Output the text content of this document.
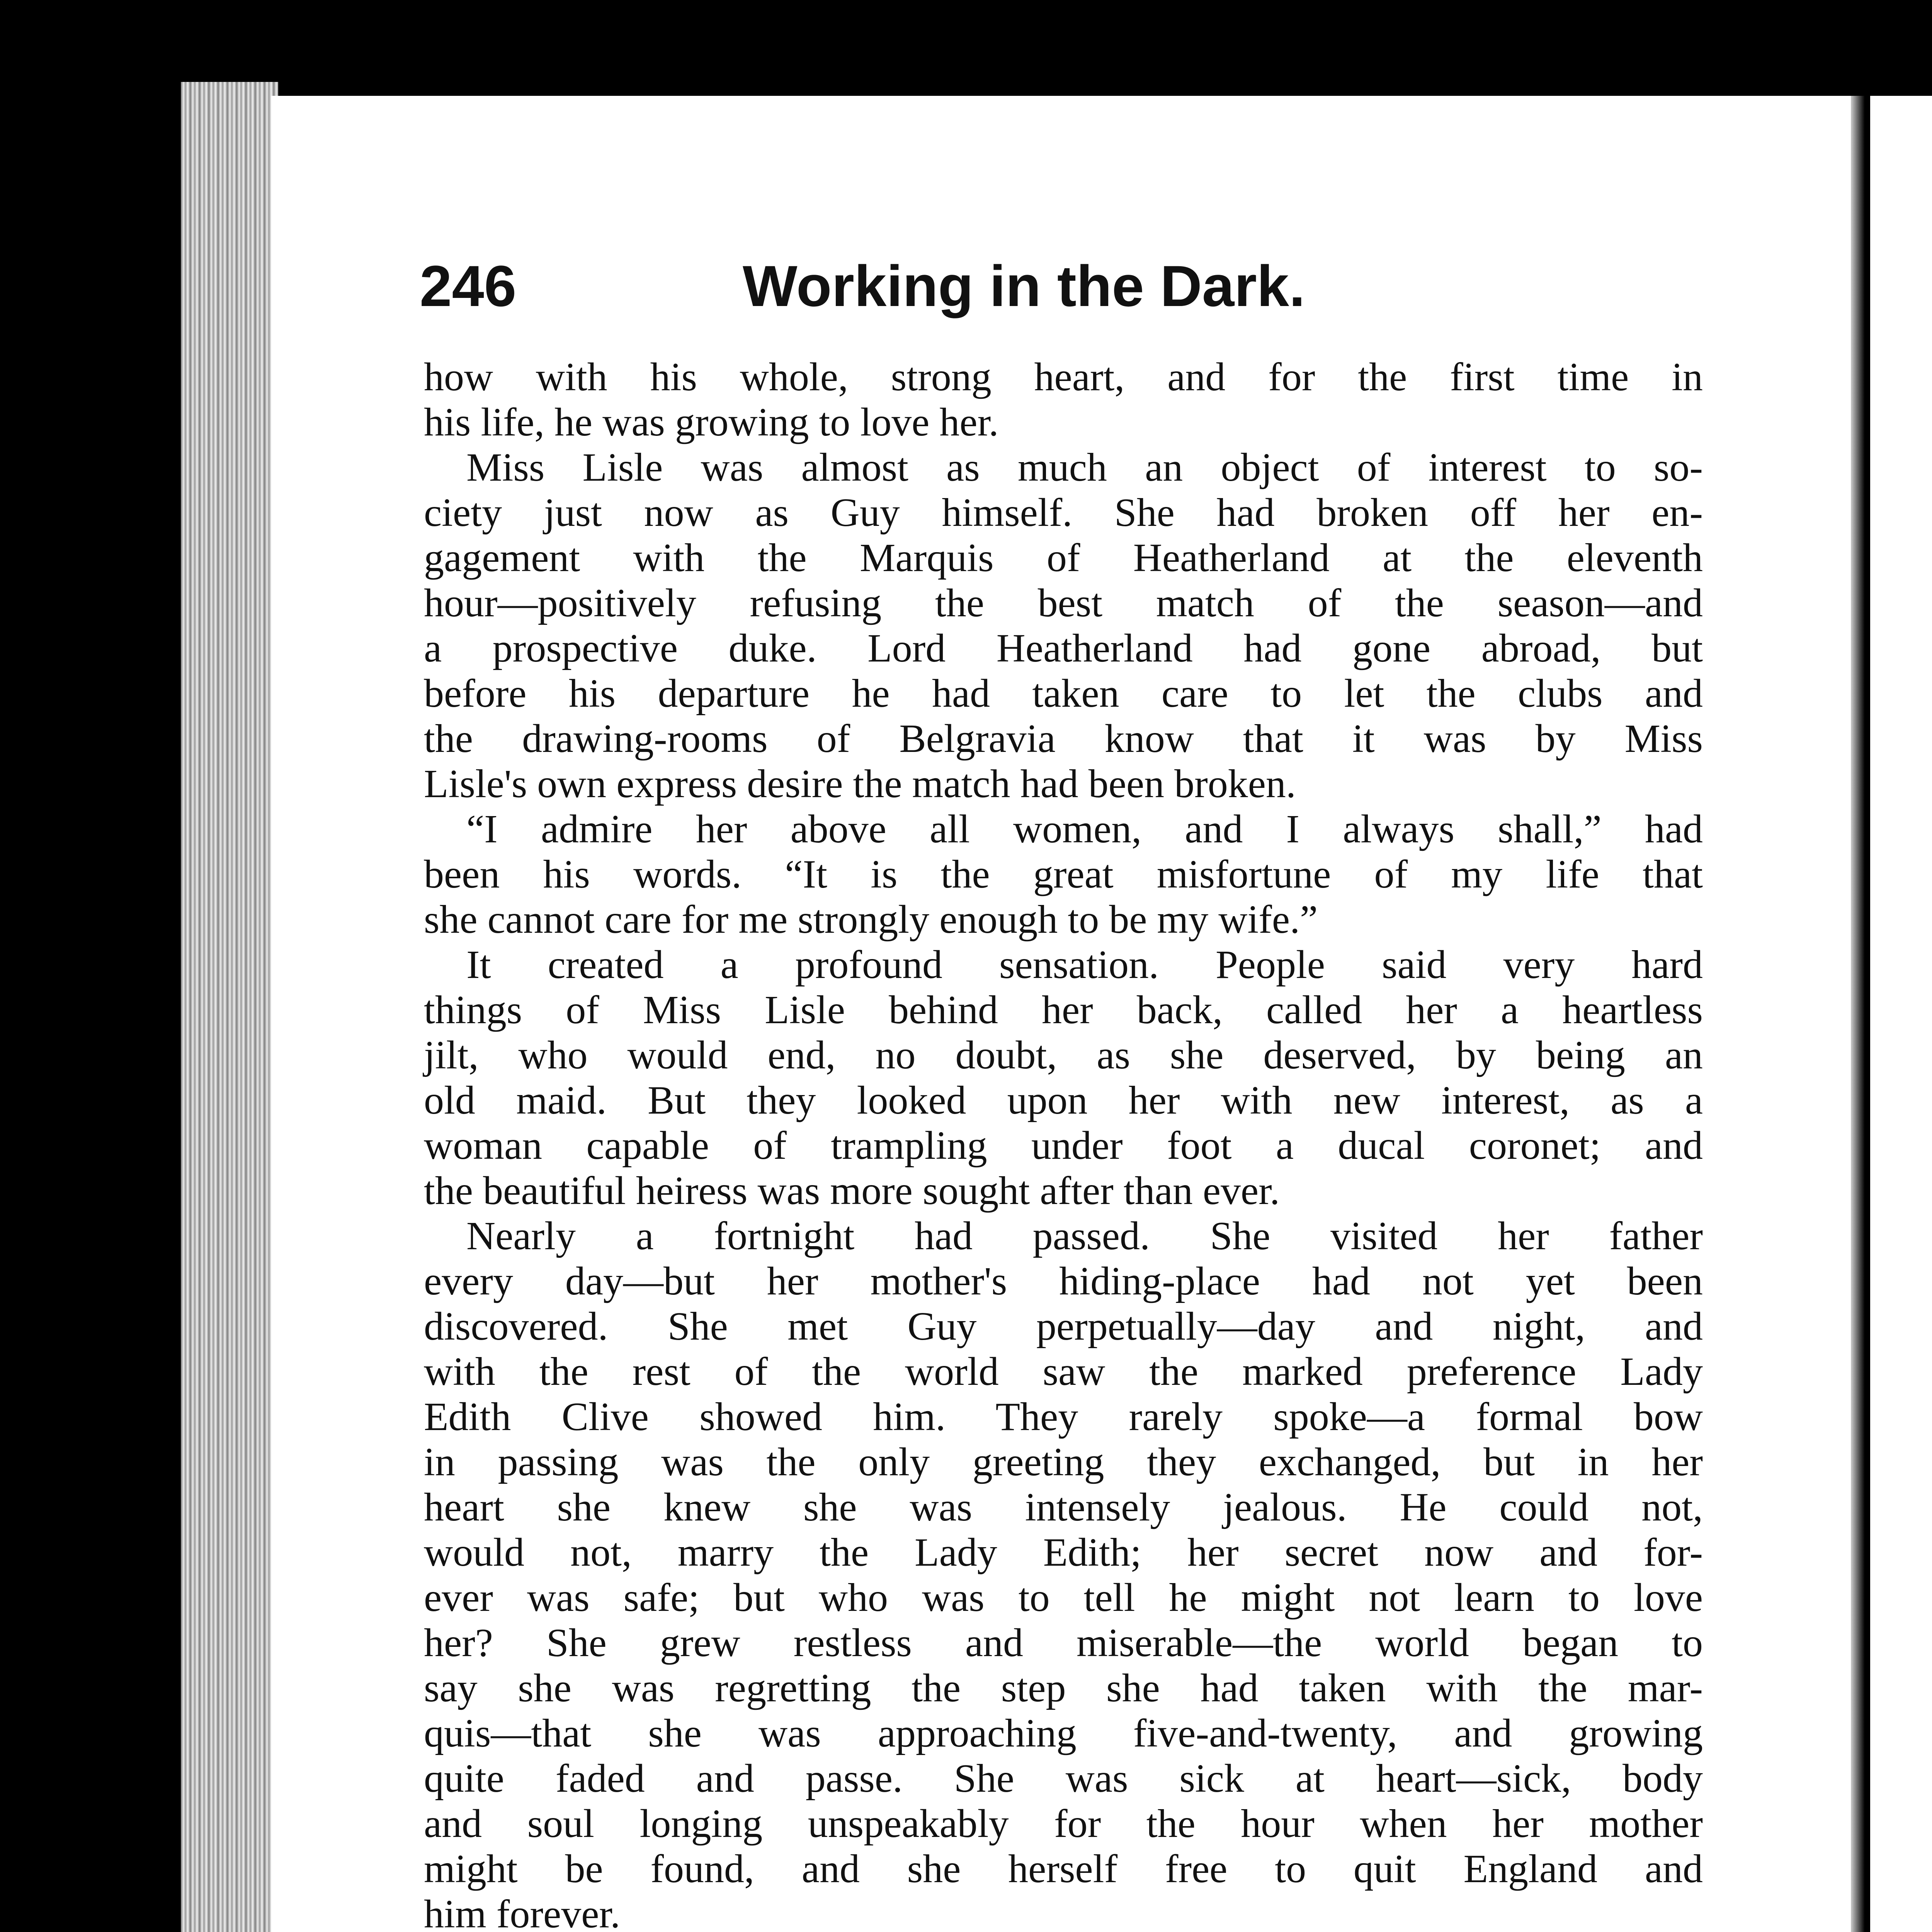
246	Working in the Dark.
how with his whole, strong heart, and for the first time in
his life, he was growing to love her.
Miss Lisle was almost as much an object of interest to so-
ciety just now as Guy himself. She had broken off her en-
gagement with the Marquis of Heatherland at the eleventh
hour—positively refusing the best match of the season—and
a prospective duke. Lord Heatherland had gone abroad, but
before his departure he had taken care to let the clubs and
the drawing-rooms of Belgravia know that it was by Miss
Lisle's own express desire the match had been broken.
“I admire her above all women, and I always shall,” had
been his words. “It is the great misfortune of my life that
she cannot care for me strongly enough to be my wife.”
It created a profound sensation. People said very hard
things of Miss Lisle behind her back, called her a heartless
jilt, who would end, no doubt, as she deserved, by being an
old maid. But they looked upon her with new interest, as a
woman capable of trampling under foot a ducal coronet; and
the beautiful heiress was more sought after than ever.
Nearly a fortnight had passed. She visited her father
every day—but her mother's hiding-place had not yet been
discovered. She met Guy perpetually—day and night, and
with the rest of the world saw the marked preference Lady
Edith Clive showed him. They rarely spoke—a formal bow
in passing was the only greeting they exchanged, but in her
heart she knew she was intensely jealous. He could not,
would not, marry the Lady Edith; her secret now and for-
ever was safe; but who was to tell he might not learn to love
her? She grew restless and miserable—the world began to
say she was regretting the step she had taken with the mar-
quis—that she was approaching five-and-twenty, and growing
quite faded and passe. She was sick at heart—sick, body
and soul longing unspeakably for the hour when her mother
might be found, and she herself free to quit England and
him forever.
